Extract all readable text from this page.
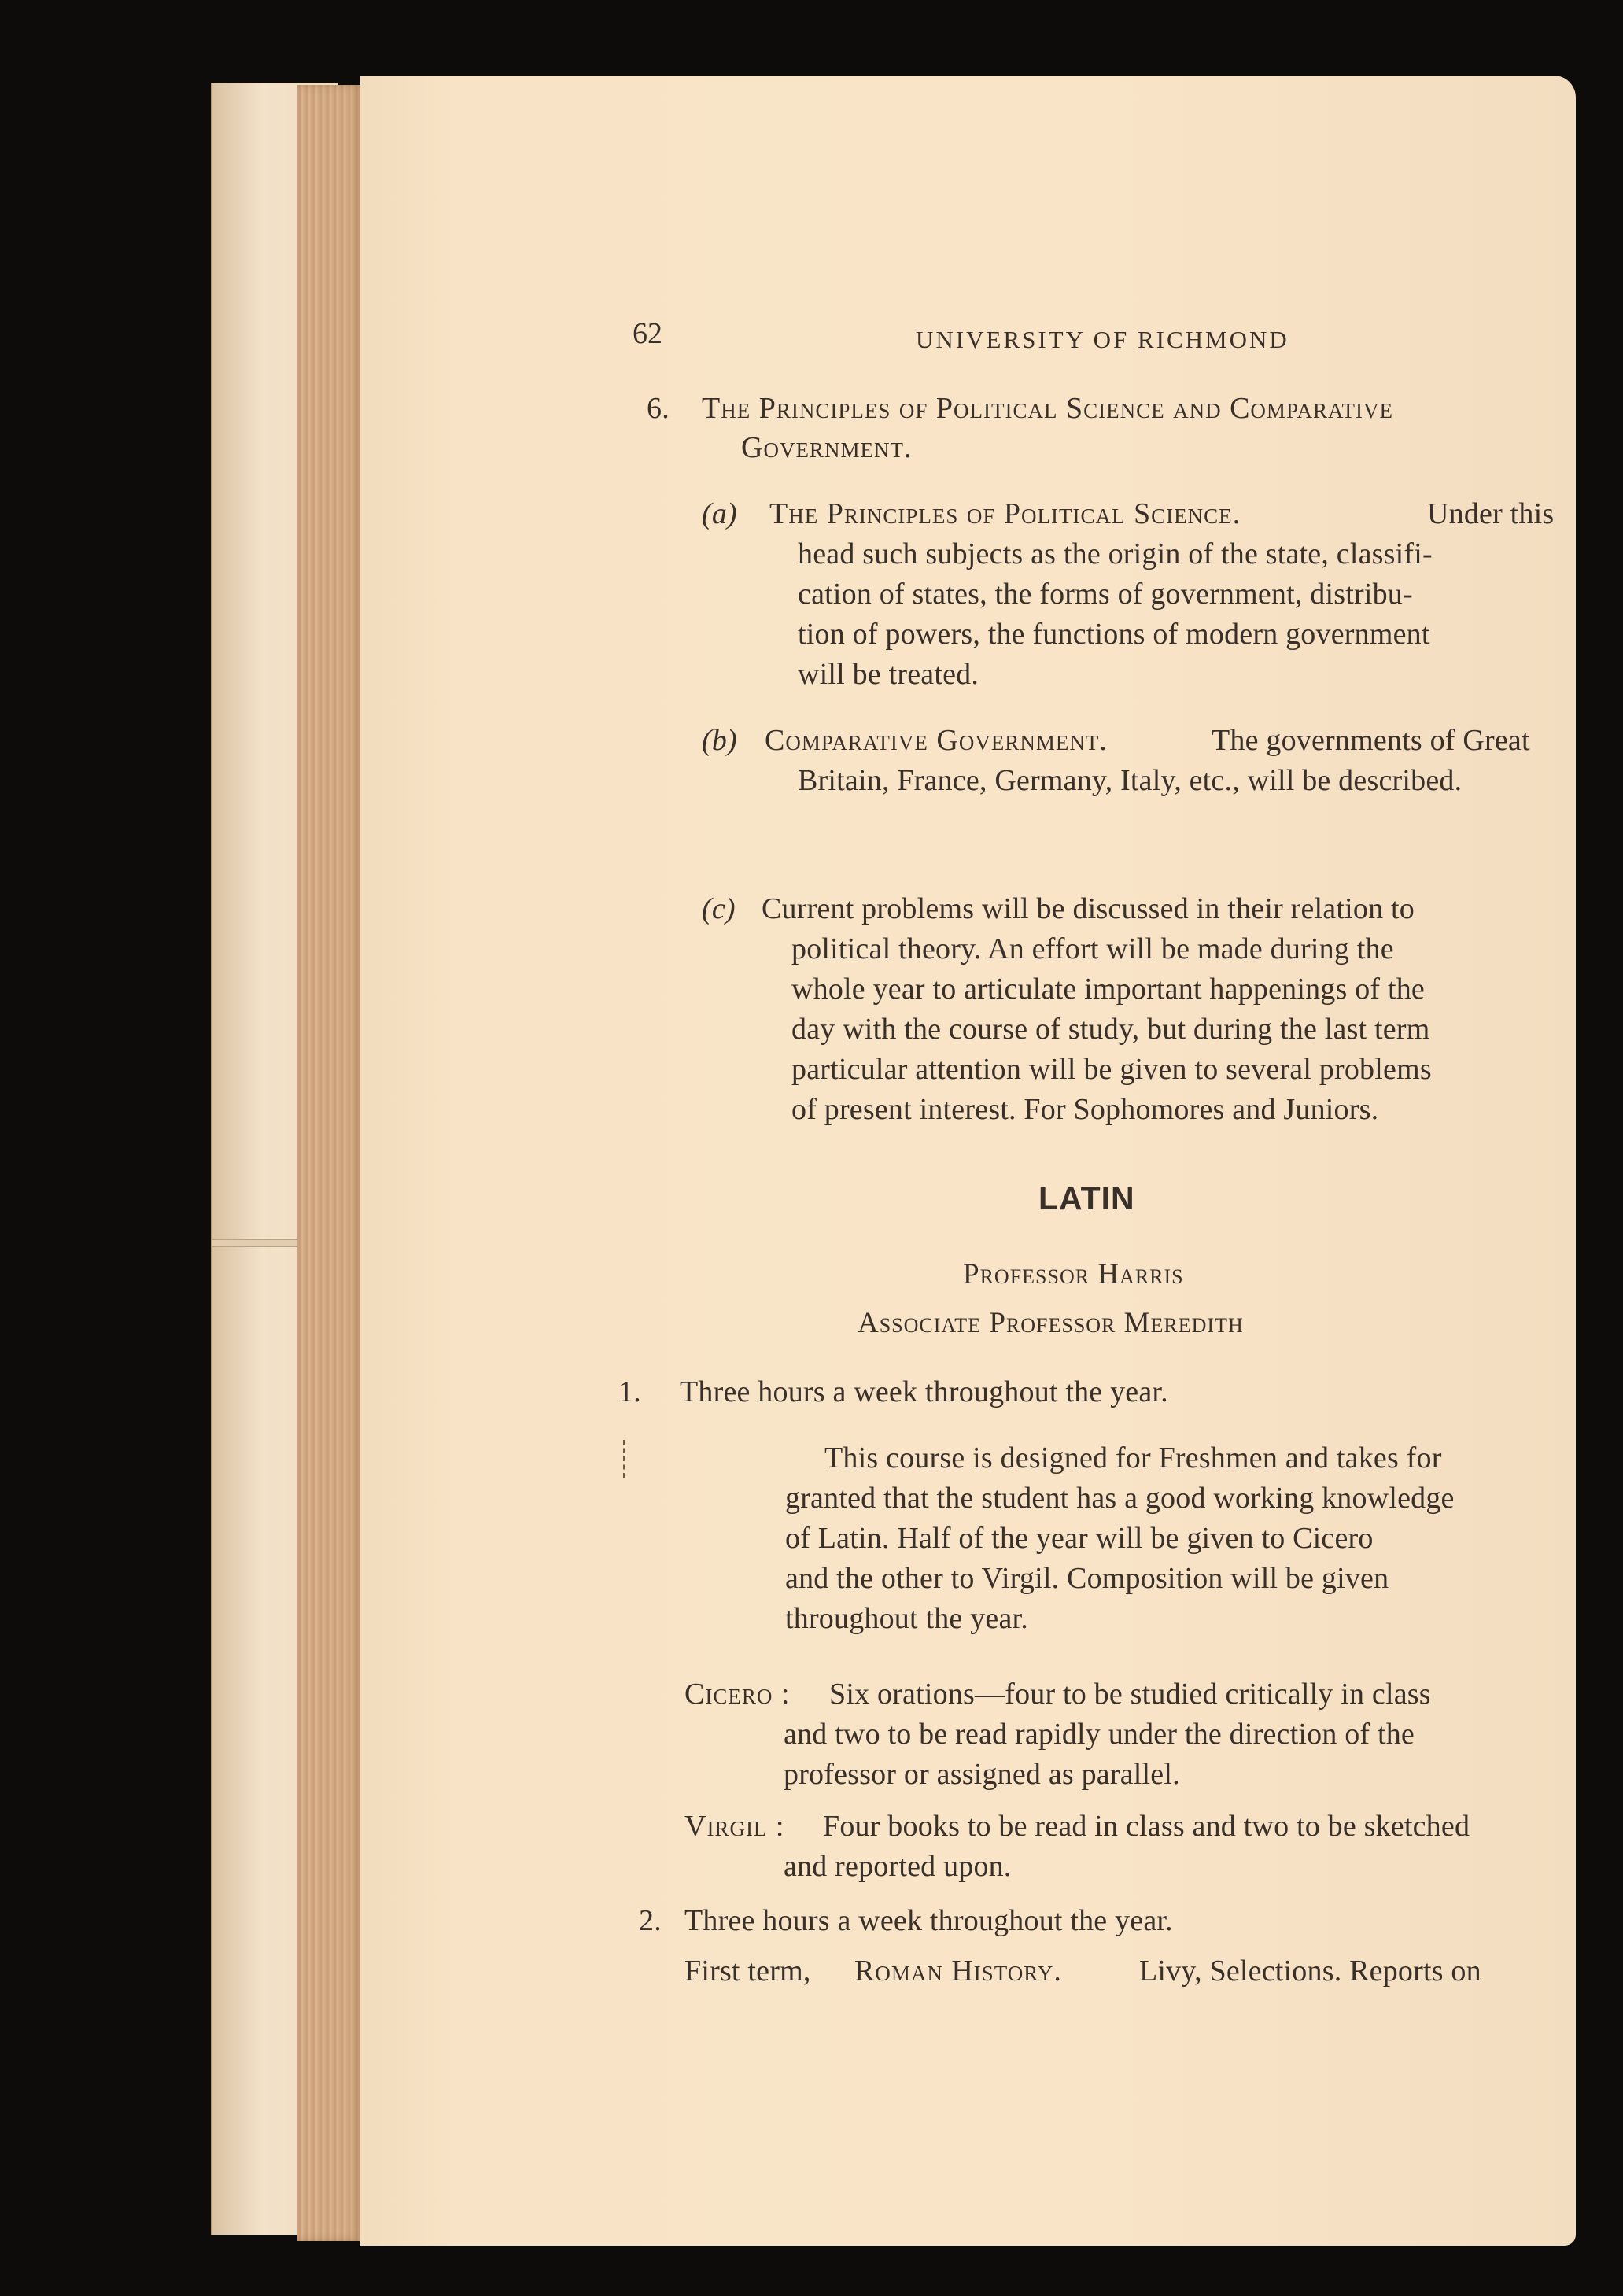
62	UNIVERSITY OF RICHMOND
6. The Principles of Political Science and Comparative
Government.
(a) The Principles of Political Science.	Under this
head such subjects as the origin of the state, classifi-
cation of states, the forms of government, distribu-
tion of powers, the functions of modern government
will be treated.
(b) Comparative Government.	The governments of Great
Britain, France, Germany, Italy, etc., will be described.
(c) Current problems will be discussed in their relation to
political theory. An effort will be made during the
whole year to articulate important happenings of the
day with the course of study, but during the last term
particular attention will be given to several problems
of present interest. For Sophomores and Juniors.
LATIN
Professor Harris
Associate Professor Meredith
1. Three hours a week throughout the year.
This course is designed for Freshmen and takes for
granted that the student has a good working knowledge
of Latin. Half of the year will be given to Cicero
and the other to Virgil. Composition will be given
throughout the year.
Cicero : Six orations—four to be studied critically in class
and two to be read rapidly under the direction of the
professor or assigned as parallel.
Virgil : Four books to be read in class and two to be sketched
and reported upon.
2. Three hours a week throughout the year.
First term, Roman History.	Livy, Selections. Reports on
